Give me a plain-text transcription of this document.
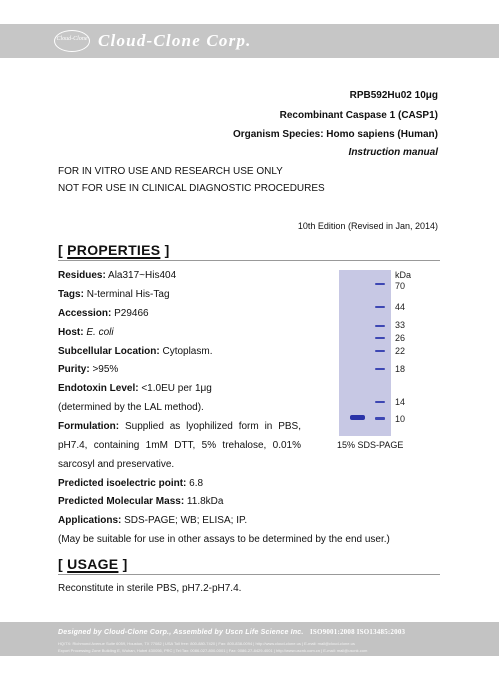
Cloud-Clone Cloud-Clone Corp.
RPB592Hu02 10μg
Recombinant Caspase 1 (CASP1)
Organism Species: Homo sapiens (Human)
Instruction manual
FOR IN VITRO USE AND RESEARCH USE ONLY
NOT FOR USE IN CLINICAL DIAGNOSTIC PROCEDURES
10th Edition (Revised in Jan, 2014)
[ PROPERTIES ]
Residues: Ala317~His404
Tags: N-terminal His-Tag
Accession: P29466
Host: E. coli
Subcellular Location: Cytoplasm.
Purity: >95%
Endotoxin Level: <1.0EU per 1μg
(determined by the LAL method).
Formulation: Supplied as lyophilized form in PBS,
pH7.4, containing 1mM DTT, 5% trehalose, 0.01%
sarcosyl and preservative.
Predicted isoelectric point: 6.8
Predicted Molecular Mass: 11.8kDa
Applications: SDS-PAGE; WB; ELISA; IP.
(May be suitable for use in other assays to be determined by the end user.)
kDa
70
44
33
26
22
18
14
10
15% SDS-PAGE
[ USAGE ]
Reconstitute in sterile PBS, pH7.2-pH7.4.
Designed by Cloud-Clone Corp., Assembled by Uscn Life Science Inc. ISO9001:2008 ISO13485:2003
HQ/TX: Richmond Avenue Suite 6059, Houston, TX 77082 | USA Toll free: 800-880-7420 | Fax: 800-838-0094 | http://www.cloud-clone.us | E-mail: mail@cloud-clone.us
Export Processing Zone Building E, Wuhan, Hubei 430056, PRC | Tel:Tax: 0086-027-800-0001 | Fax: 0086-27-8429-4001 | http://www.uscnk.com.cn | E-mail: mail@uscnk.com
